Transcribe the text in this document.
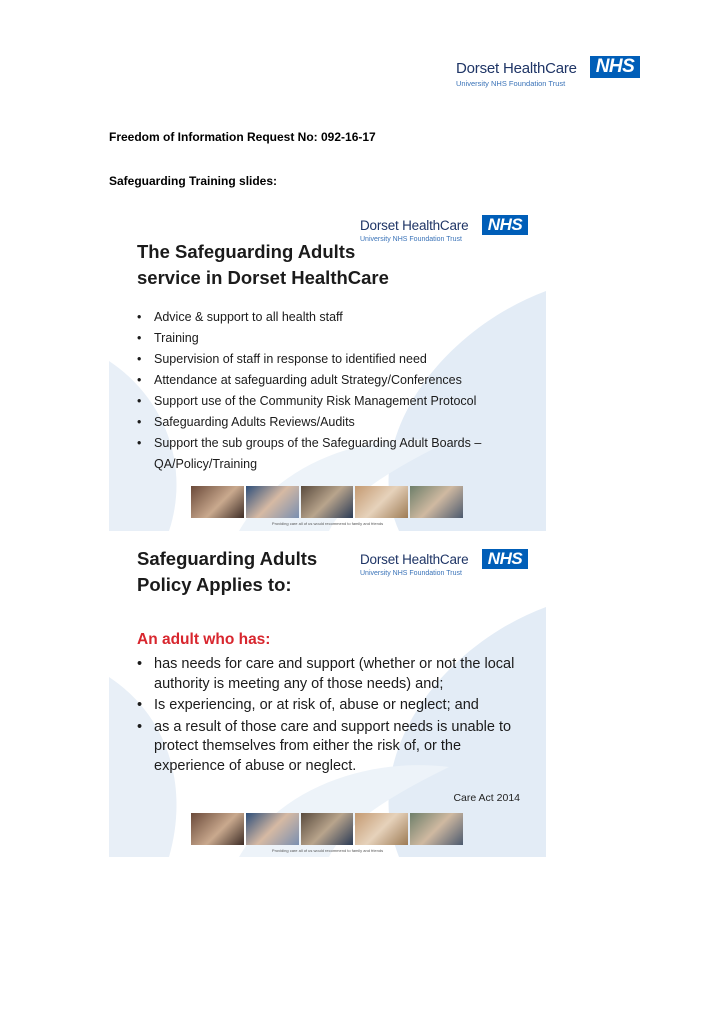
Dorset HealthCare
University NHS Foundation Trust
NHS
Freedom of Information Request No: 092-16-17
Safeguarding Training slides:
Dorset HealthCare
University NHS Foundation Trust
NHS
The Safeguarding Adults
service in Dorset HealthCare
• Advice & support to all health staff
• Training
• Supervision of staff in response to identified need
• Attendance at safeguarding adult Strategy/Conferences
• Support use of the Community Risk Management Protocol
• Safeguarding Adults Reviews/Audits
• Support the sub groups of the Safeguarding Adult Boards – QA/Policy/Training
Providing care all of us would recommend to family and friends
Dorset HealthCare
University NHS Foundation Trust
NHS
Safeguarding Adults
Policy Applies to:
An adult who has:
• has needs for care and support (whether or not the local authority is meeting any of those needs) and;
• Is experiencing, or at risk of, abuse or neglect; and
• as a result of those care and support needs is unable to protect themselves from either the risk of, or the experience of abuse or neglect.
Care Act 2014
Providing care all of us would recommend to family and friends
